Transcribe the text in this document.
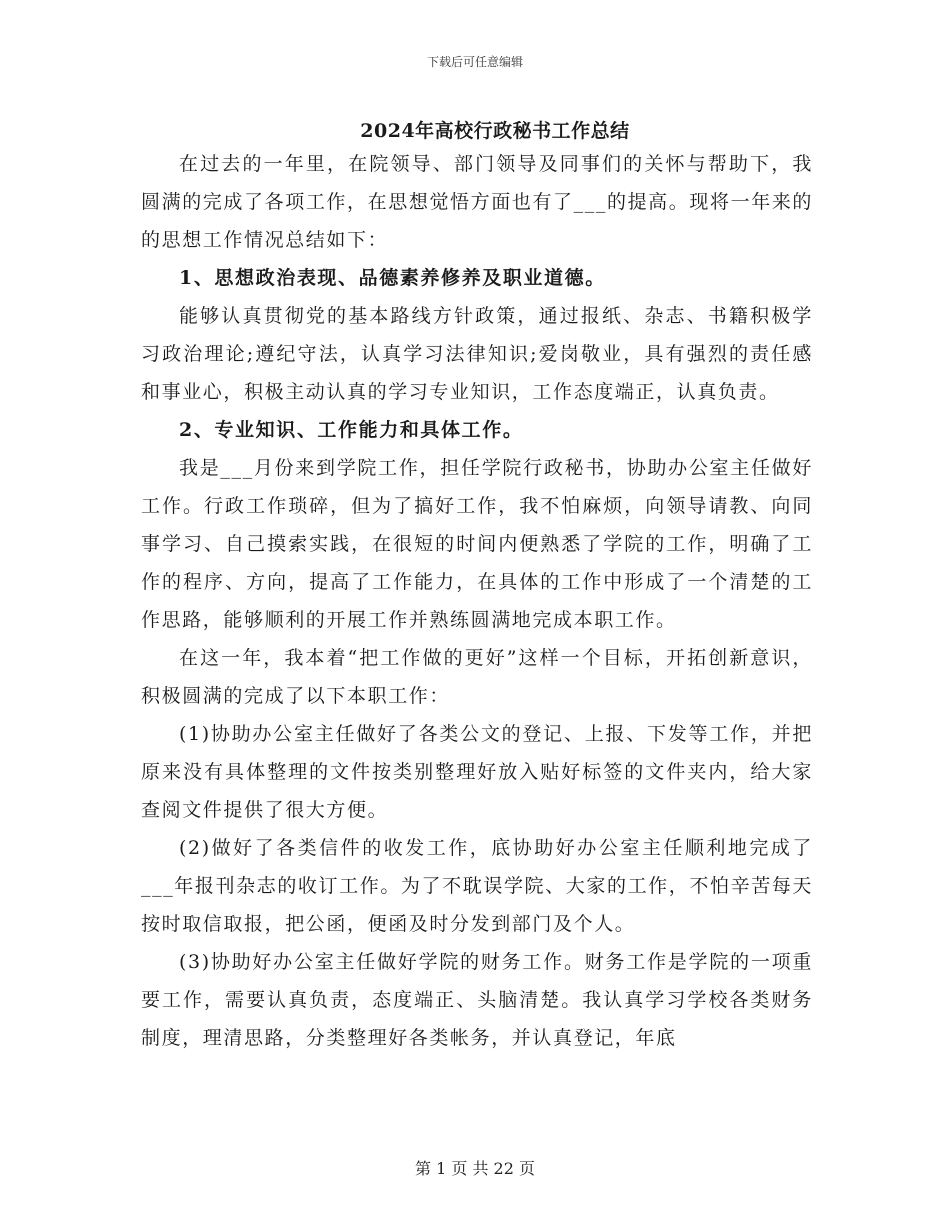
下载后可任意编辑
2024年高校行政秘书工作总结

在过去的一年里，在院领导、部门领导及同事们的关怀与帮助下，我圆满的完成了各项工作，在思想觉悟方面也有了___的提高。现将一年来的的思想工作情况总结如下：

1、思想政治表现、品德素养修养及职业道德。

能够认真贯彻党的基本路线方针政策，通过报纸、杂志、书籍积极学习政治理论;遵纪守法，认真学习法律知识;爱岗敬业，具有强烈的责任感和事业心，积极主动认真的学习专业知识，工作态度端正，认真负责。

2、专业知识、工作能力和具体工作。

我是___月份来到学院工作，担任学院行政秘书，协助办公室主任做好工作。行政工作琐碎，但为了搞好工作，我不怕麻烦，向领导请教、向同事学习、自己摸索实践，在很短的时间内便熟悉了学院的工作，明确了工作的程序、方向，提高了工作能力，在具体的工作中形成了一个清楚的工作思路，能够顺利的开展工作并熟练圆满地完成本职工作。

在这一年，我本着“把工作做的更好”这样一个目标，开拓创新意识，积极圆满的完成了以下本职工作：

(1)协助办公室主任做好了各类公文的登记、上报、下发等工作，并把原来没有具体整理的文件按类别整理好放入贴好标签的文件夹内，给大家查阅文件提供了很大方便。

(2)做好了各类信件的收发工作，底协助好办公室主任顺利地完成了___年报刊杂志的收订工作。为了不耽误学院、大家的工作，不怕辛苦每天按时取信取报，把公函，便函及时分发到部门及个人。

(3)协助好办公室主任做好学院的财务工作。财务工作是学院的一项重要工作，需要认真负责，态度端正、头脑清楚。我认真学习学校各类财务制度，理清思路，分类整理好各类帐务，并认真登记，年底

第 1 页 共 22 页
